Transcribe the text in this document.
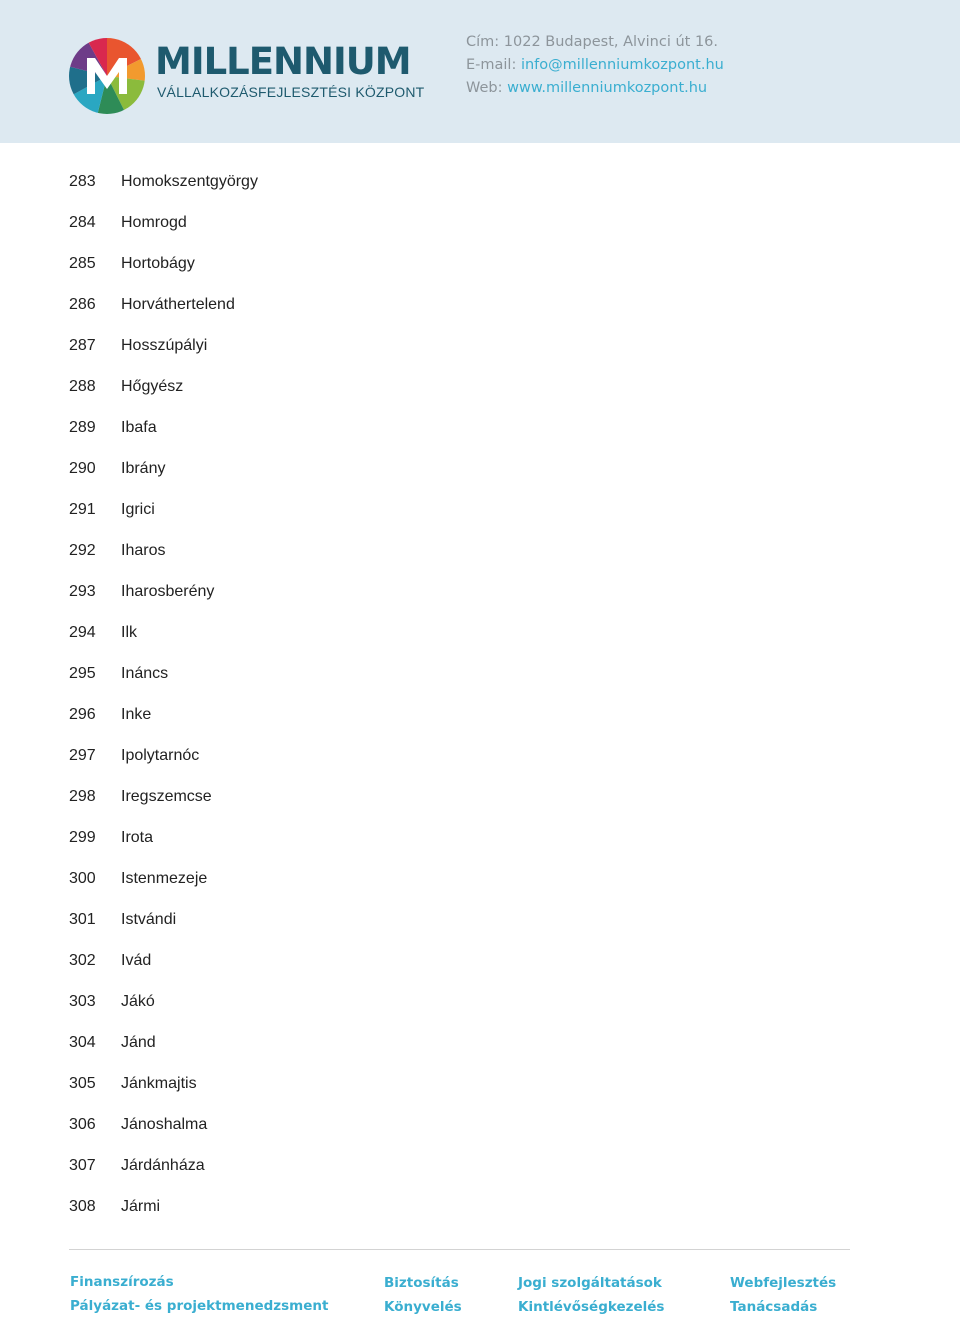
MILLENNIUM
VÁLLALKOZÁSFEJLESZTÉSI KÖZPONT
Cím: 1022 Budapest, Alvinci út 16.
E-mail: info@millenniumkozpont.hu
Web: www.millenniumkozpont.hu
283 Homokszentgyörgy
284 Homrogd
285 Hortobágy
286 Horváthertelend
287 Hosszúpályi
288 Hőgyész
289 Ibafa
290 Ibrány
291 Igrici
292 Iharos
293 Iharosberény
294 Ilk
295 Ináncs
296 Inke
297 Ipolytarnóc
298 Iregszemcse
299 Irota
300 Istenmezeje
301 Istvándi
302 Ivád
303 Jákó
304 Jánd
305 Jánkmajtis
306 Jánoshalma
307 Járdánháza
308 Jármi
Finanszírozás
Pályázat- és projektmenedzsment
Biztosítás
Könyvelés
Jogi szolgáltatások
Kintlévőségkezelés
Webfejlesztés
Tanácsadás
